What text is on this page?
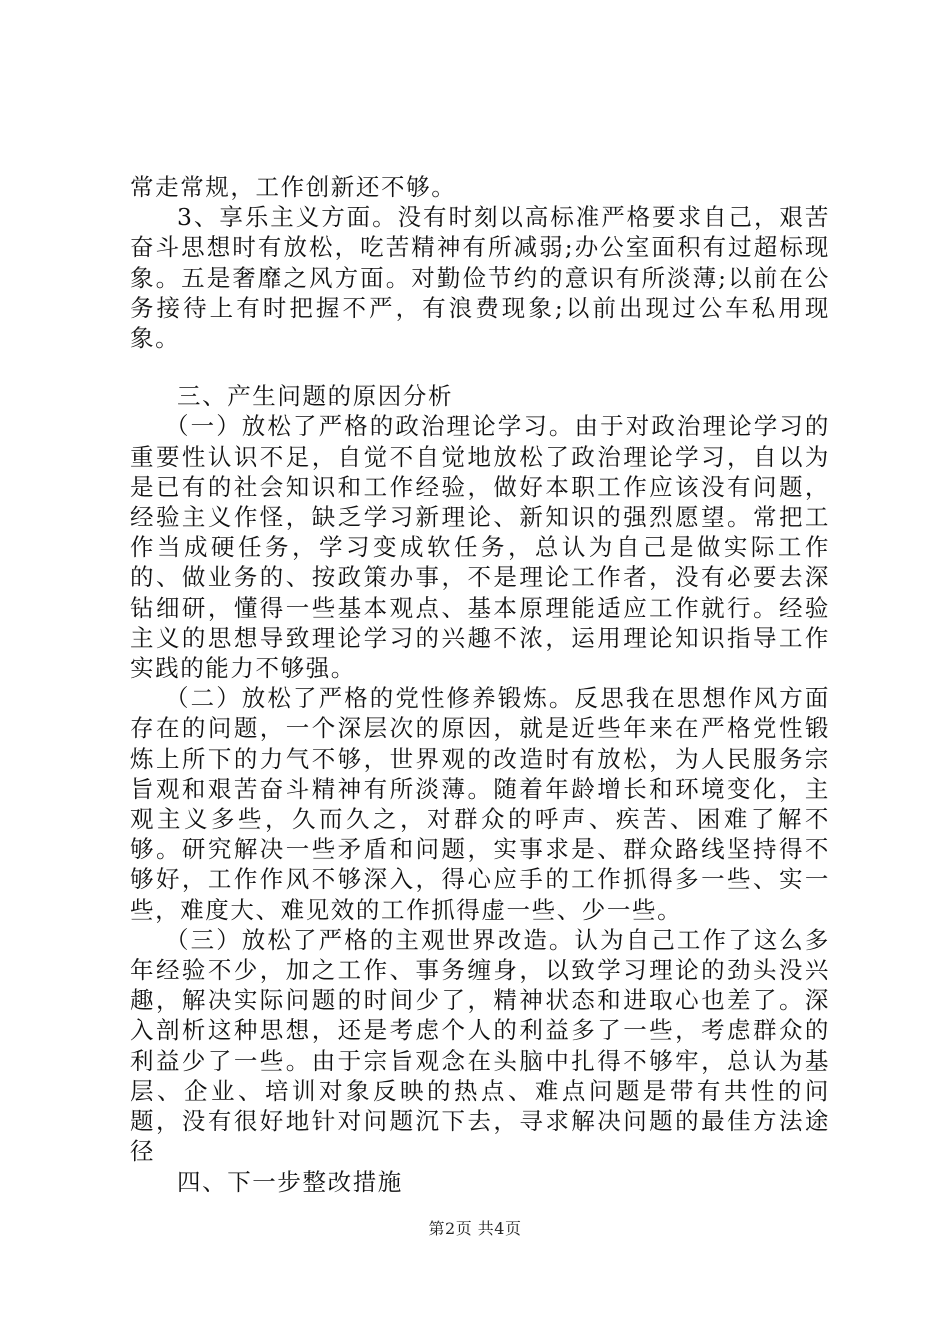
常走常规，工作创新还不够。

3、享乐主义方面。没有时刻以高标准严格要求自己，艰苦奋斗思想时有放松，吃苦精神有所减弱;办公室面积有过超标现象。五是奢靡之风方面。对勤俭节约的意识有所淡薄;以前在公务接待上有时把握不严，有浪费现象;以前出现过公车私用现象。

三、产生问题的原因分析

（一）放松了严格的政治理论学习。由于对政治理论学习的重要性认识不足，自觉不自觉地放松了政治理论学习，自以为是已有的社会知识和工作经验，做好本职工作应该没有问题，经验主义作怪，缺乏学习新理论、新知识的强烈愿望。常把工作当成硬任务，学习变成软任务，总认为自己是做实际工作的、做业务的、按政策办事，不是理论工作者，没有必要去深钻细研，懂得一些基本观点、基本原理能适应工作就行。经验主义的思想导致理论学习的兴趣不浓，运用理论知识指导工作实践的能力不够强。

（二）放松了严格的党性修养锻炼。反思我在思想作风方面存在的问题，一个深层次的原因，就是近些年来在严格党性锻炼上所下的力气不够，世界观的改造时有放松，为人民服务宗旨观和艰苦奋斗精神有所淡薄。随着年龄增长和环境变化，主观主义多些，久而久之，对群众的呼声、疾苦、困难了解不够。研究解决一些矛盾和问题，实事求是、群众路线坚持得不够好，工作作风不够深入，得心应手的工作抓得多一些、实一些，难度大、难见效的工作抓得虚一些、少一些。

（三）放松了严格的主观世界改造。认为自己工作了这么多年经验不少，加之工作、事务缠身，以致学习理论的劲头没兴趣，解决实际问题的时间少了，精神状态和进取心也差了。深入剖析这种思想，还是考虑个人的利益多了一些，考虑群众的利益少了一些。由于宗旨观念在头脑中扎得不够牢，总认为基层、企业、培训对象反映的热点、难点问题是带有共性的问题，没有很好地针对问题沉下去，寻求解决问题的最佳方法途径

四、下一步整改措施

第2页 共4页
